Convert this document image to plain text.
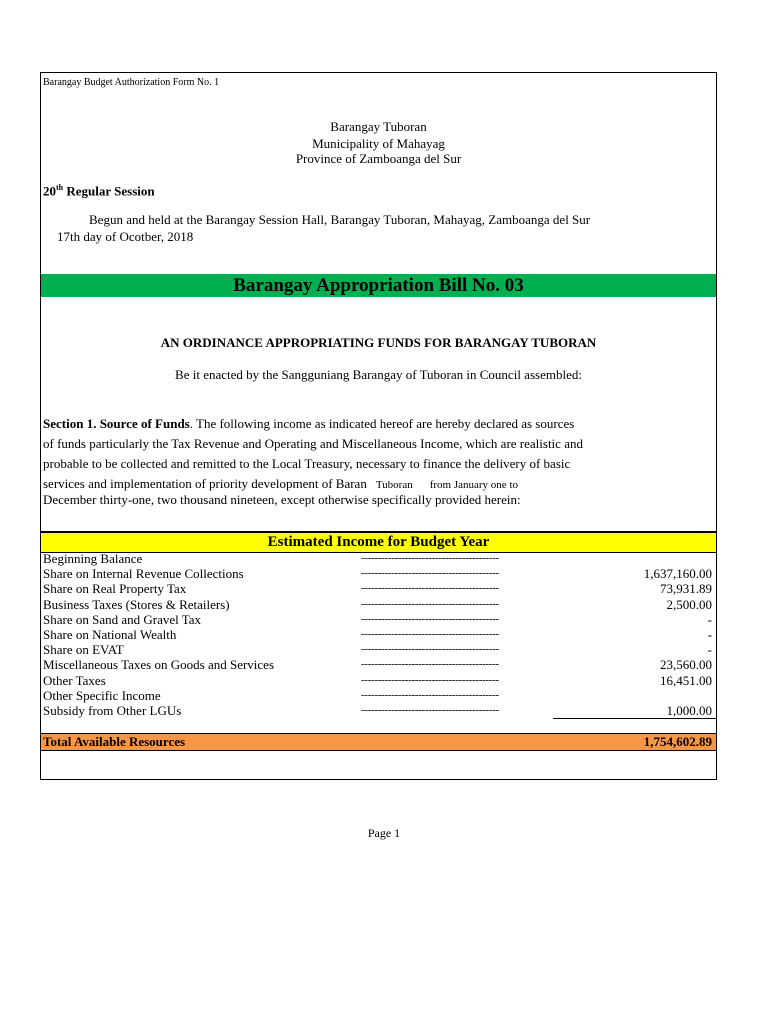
Barangay Budget Authorization Form No. 1
Barangay Tuboran
Municipality of Mahayag
Province of Zamboanga del Sur
20th Regular Session
Begun and held at the Barangay Session Hall, Barangay Tuboran, Mahayag, Zamboanga del Sur
17th day of Ocotber, 2018
Barangay Appropriation Bill No. 03
AN ORDINANCE APPROPRIATING FUNDS FOR BARANGAY TUBORAN
Be it enacted by the Sangguniang Barangay of Tuboran in Council assembled:
Section 1. Source of Funds. The following income as indicated hereof are hereby declared as sources
of funds particularly the Tax Revenue and Operating and Miscellaneous Income, which are realistic and
probable to be collected and remitted to the Local Treasury, necessary to finance the delivery of basic
services and implementation of priority development of Baran Tuboran from January one to
December thirty-one, two thousand nineteen, except otherwise specifically provided herein:
Estimated Income for Budget Year
Beginning Balance	-----------------------------------------
Share on Internal Revenue Collections	-----------------------------------------	1,637,160.00
Share on Real Property Tax	-----------------------------------------	73,931.89
Business Taxes (Stores & Retailers)	-----------------------------------------	2,500.00
Share on Sand and Gravel Tax	-----------------------------------------	-
Share on National Wealth	-----------------------------------------	-
Share on EVAT	-----------------------------------------	-
Miscellaneous Taxes on Goods and Services	-----------------------------------------	23,560.00
Other Taxes	-----------------------------------------	16,451.00
Other Specific Income	-----------------------------------------
Subsidy from Other LGUs	-----------------------------------------	1,000.00
Total Available Resources	1,754,602.89
Page 1
